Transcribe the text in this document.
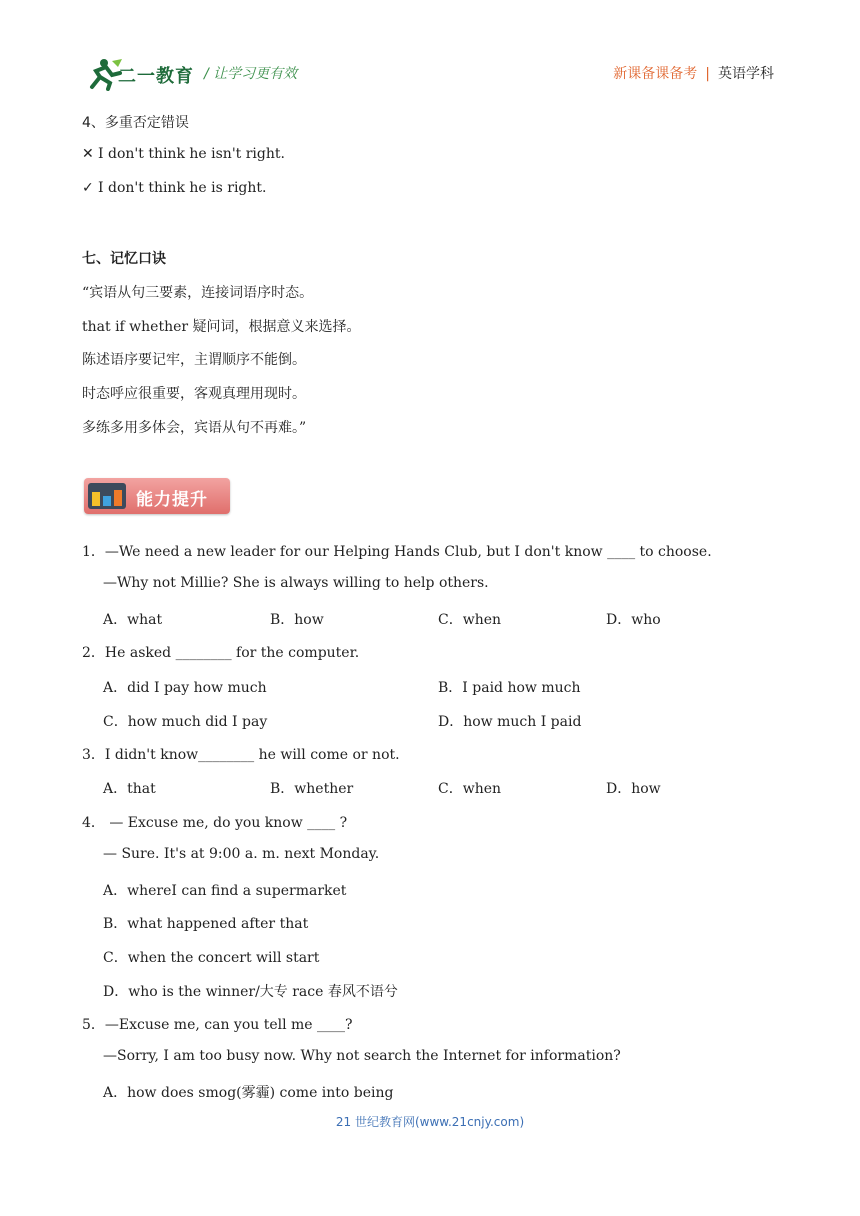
二一教育 / 让学习更有效	新课备课备考 | 英语学科
4、多重否定错误
✕ I don't think he isn't right.
✓ I don't think he is right.
七、记忆口诀
“宾语从句三要素，连接词语序时态。
that if whether 疑问词，根据意义来选择。
陈述语序要记牢，主谓顺序不能倒。
时态呼应很重要，客观真理用现时。
多练多用多体会，宾语从句不再难。”
能力提升
1．—We need a new leader for our Helping Hands Club, but I don't know ____ to choose.
—Why not Millie? She is always willing to help others.
A．what	B．how	C．when	D．who
2．He asked ________ for the computer.
A．did I pay how much	B．I paid how much
C．how much did I pay	D．how much I paid
3．I didn't know________ he will come or not.
A．that	B．whether	C．when	D．how
4． — Excuse me, do you know ____ ?
— Sure. It's at 9:00 a. m. next Monday.
A．whereI can find a supermarket
B．what happened after that
C．when the concert will start
D．who is the winner/大专 race 春风不语兮
5．—Excuse me, can you tell me ____?
—Sorry, I am too busy now. Why not search the Internet for information?
A．how does smog(雾霾) come into being
21 世纪教育网(www.21cnjy.com)
